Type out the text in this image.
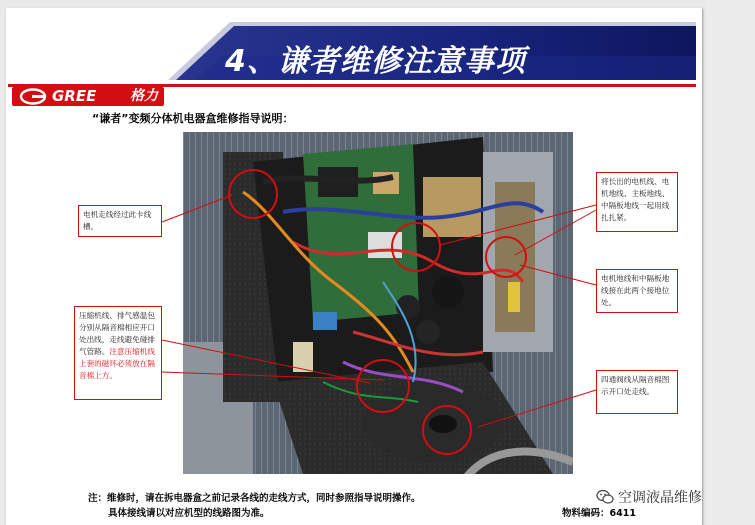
4、谦者维修注意事项
GREE 格力
“谦者”变频分体机电器盒维修指导说明：
电机走线经过此卡线槽。
将长出的电机线、电机地线、主板地线、中隔板地线一起用线扎扎紧。
电机地线和中隔板地线接在此两个接地位处。
压缩机线、排气感温包分别从隔音棉相应开口处出线，走线避免碰排气管路。注意压缩机线上套的磁环必须放在隔音棉上方。	四通阀线从隔音棉图示开口处走线。
注：维修时，请在拆电器盒之前记录各线的走线方式，同时参照指导说明操作。
具体接线请以对应机型的线路图为准。	物料编码：6411
空调液晶维修
